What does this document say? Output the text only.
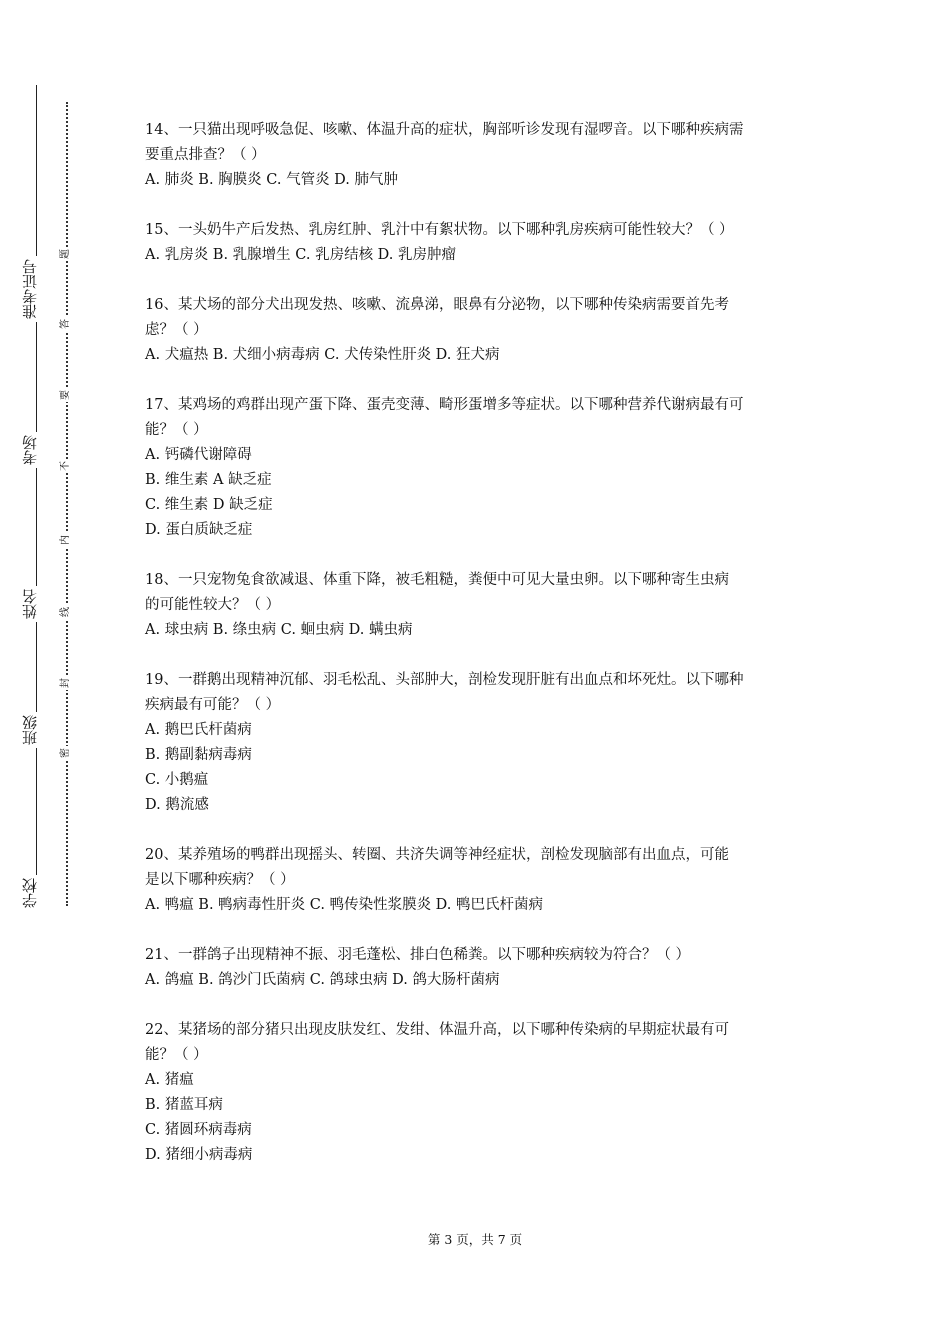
学校
班级
姓名
考场
准考证号
密
封
线
内
不
要
答
题

14、一只猫出现呼吸急促、咳嗽、体温升高的症状，胸部听诊发现有湿啰音。以下哪种疾病需

要重点排查？（ ）

A. 肺炎 B. 胸膜炎 C. 气管炎 D. 肺气肿

15、一头奶牛产后发热、乳房红肿、乳汁中有絮状物。以下哪种乳房疾病可能性较大？（ ）

A. 乳房炎 B. 乳腺增生 C. 乳房结核 D. 乳房肿瘤

16、某犬场的部分犬出现发热、咳嗽、流鼻涕，眼鼻有分泌物，以下哪种传染病需要首先考

虑？（ ）

A. 犬瘟热 B. 犬细小病毒病 C. 犬传染性肝炎 D. 狂犬病

17、某鸡场的鸡群出现产蛋下降、蛋壳变薄、畸形蛋增多等症状。以下哪种营养代谢病最有可

能？（ ）

A. 钙磷代谢障碍

B. 维生素 A 缺乏症

C. 维生素 D 缺乏症

D. 蛋白质缺乏症

18、一只宠物兔食欲减退、体重下降，被毛粗糙，粪便中可见大量虫卵。以下哪种寄生虫病

的可能性较大？（ ）

A. 球虫病 B. 绦虫病 C. 蛔虫病 D. 螨虫病

19、一群鹅出现精神沉郁、羽毛松乱、头部肿大，剖检发现肝脏有出血点和坏死灶。以下哪种

疾病最有可能？（ ）

A. 鹅巴氏杆菌病

B. 鹅副黏病毒病

C. 小鹅瘟

D. 鹅流感

20、某养殖场的鸭群出现摇头、转圈、共济失调等神经症状，剖检发现脑部有出血点，可能

是以下哪种疾病？（ ）

A. 鸭瘟 B. 鸭病毒性肝炎 C. 鸭传染性浆膜炎 D. 鸭巴氏杆菌病

21、一群鸽子出现精神不振、羽毛蓬松、排白色稀粪。以下哪种疾病较为符合？（ ）

A. 鸽瘟 B. 鸽沙门氏菌病 C. 鸽球虫病 D. 鸽大肠杆菌病

22、某猪场的部分猪只出现皮肤发红、发绀、体温升高，以下哪种传染病的早期症状最有可

能？（ ）

A. 猪瘟

B. 猪蓝耳病

C. 猪圆环病毒病

D. 猪细小病毒病

第 3 页，共 7 页
